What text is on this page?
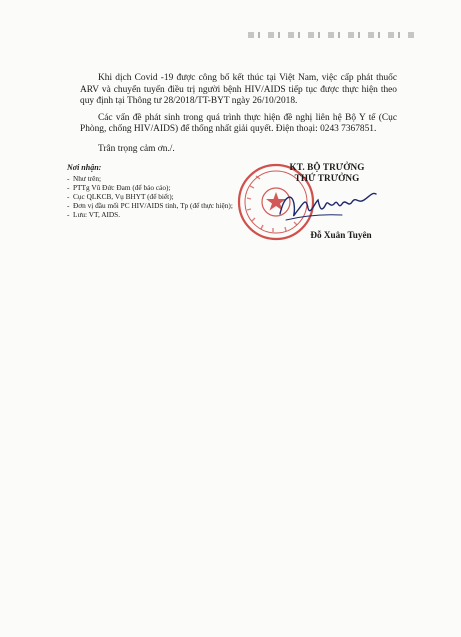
Khi dịch Covid -19 được công bố kết thúc tại Việt Nam, việc cấp phát thuốc ARV và chuyển tuyến điều trị người bệnh HIV/AIDS tiếp tục được thực hiện theo quy định tại Thông tư 28/2018/TT-BYT ngày 26/10/2018.

Các vấn đề phát sinh trong quá trình thực hiện đề nghị liên hệ Bộ Y tế (Cục Phòng, chống HIV/AIDS) để thống nhất giải quyết. Điện thoại: 0243 7367851.

Trân trọng cảm ơn./.

Nơi nhận:
- Như trên;
- PTTg Vũ Đức Đam (để báo cáo);
- Cục QLKCB, Vụ BHYT (để biết);
- Đơn vị đầu mối PC HIV/AIDS tỉnh, Tp (để thực hiện);
- Lưu: VT, AIDS.
KT. BỘ TRƯỞNG
THỨ TRƯỞNG
Đỗ Xuân Tuyên
